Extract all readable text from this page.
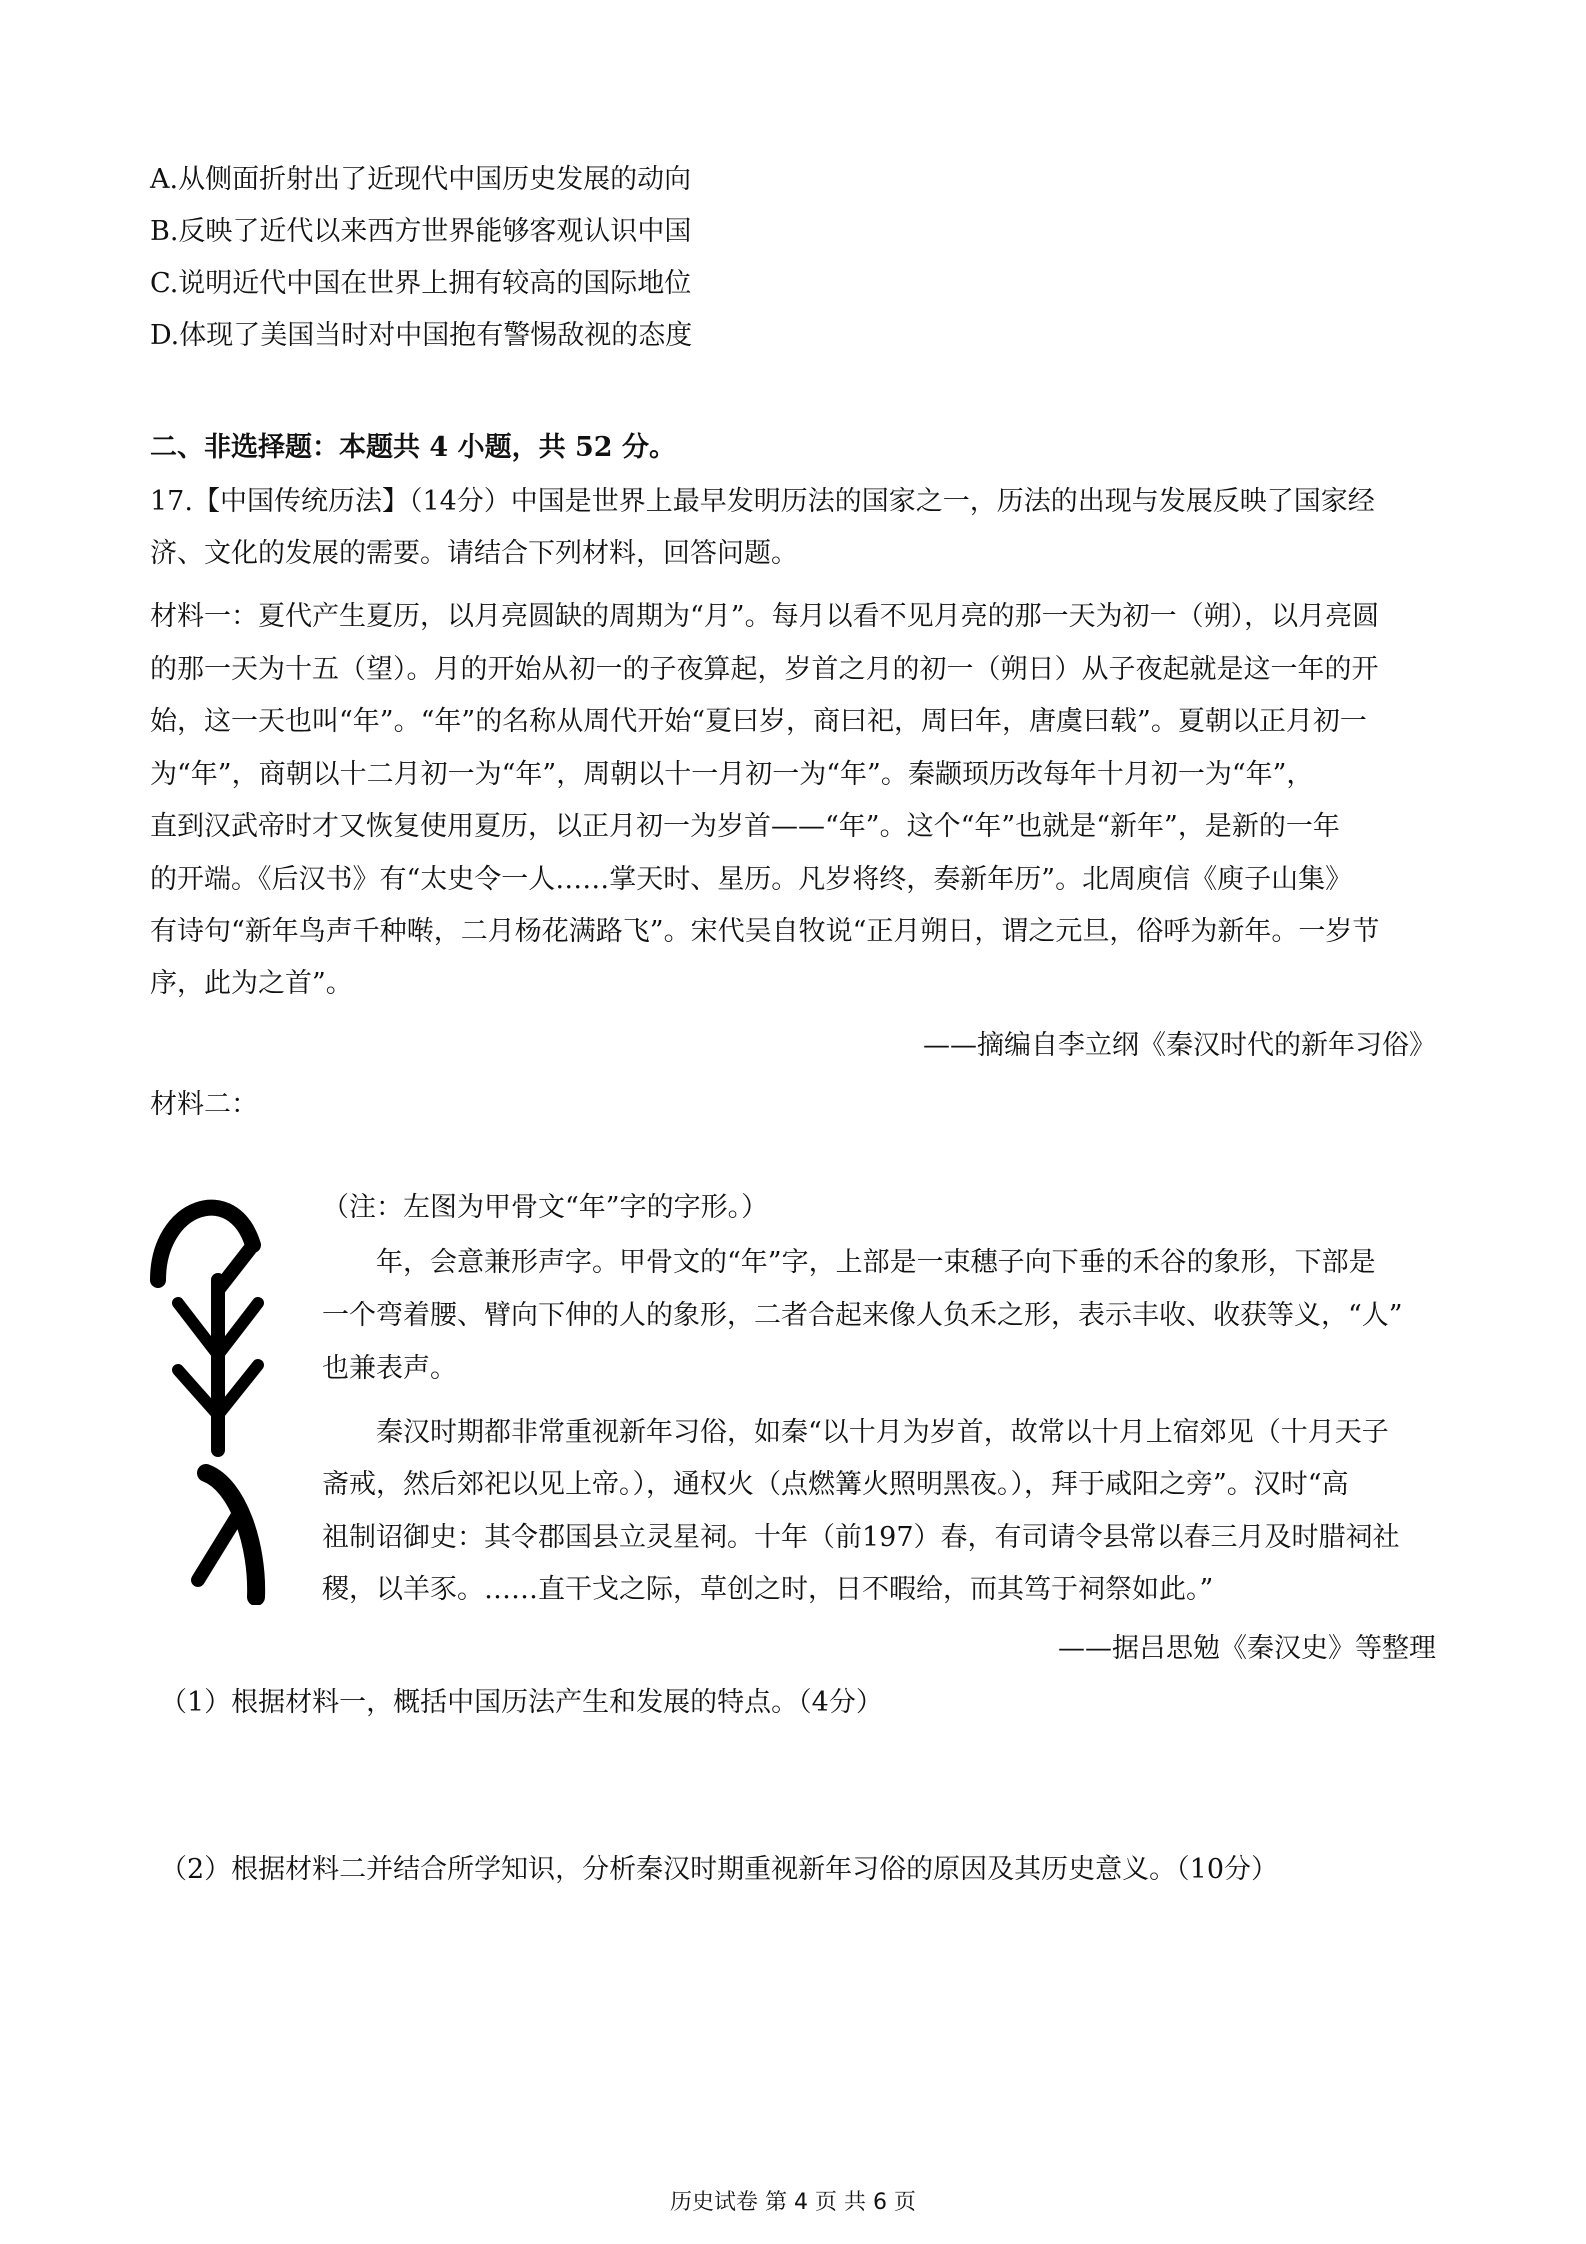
A.从侧面折射出了近现代中国历史发展的动向
B.反映了近代以来西方世界能够客观认识中国
C.说明近代中国在世界上拥有较高的国际地位
D.体现了美国当时对中国抱有警惕敌视的态度
二、非选择题：本题共 4 小题，共 52 分。
17.【中国传统历法】（14分）中国是世界上最早发明历法的国家之一，历法的出现与发展反映了国家经
济、文化的发展的需要。请结合下列材料，回答问题。
材料一：夏代产生夏历，以月亮圆缺的周期为“月”。每月以看不见月亮的那一天为初一（朔），以月亮圆
的那一天为十五（望）。月的开始从初一的子夜算起，岁首之月的初一（朔日）从子夜起就是这一年的开
始，这一天也叫“年”。“年”的名称从周代开始“夏曰岁，商曰祀，周曰年，唐虞曰载”。夏朝以正月初一
为“年”，商朝以十二月初一为“年”，周朝以十一月初一为“年”。秦颛顼历改每年十月初一为“年”，
直到汉武帝时才又恢复使用夏历，以正月初一为岁首——“年”。这个“年”也就是“新年”，是新的一年
的开端。《后汉书》有“太史令一人……掌天时、星历。凡岁将终，奏新年历”。北周庾信《庾子山集》
有诗句“新年鸟声千种啭，二月杨花满路飞”。宋代吴自牧说“正月朔日，谓之元旦，俗呼为新年。一岁节
序，此为之首”。
——摘编自李立纲《秦汉时代的新年习俗》
材料二：
（注：左图为甲骨文“年”字的字形。）
年，会意兼形声字。甲骨文的“年”字，上部是一束穗子向下垂的禾谷的象形，下部是
一个弯着腰、臂向下伸的人的象形，二者合起来像人负禾之形，表示丰收、收获等义，“人”
也兼表声。
秦汉时期都非常重视新年习俗，如秦“以十月为岁首，故常以十月上宿郊见（十月天子
斋戒，然后郊祀以见上帝。），通权火（点燃篝火照明黑夜。），拜于咸阳之旁”。汉时“高
祖制诏御史：其令郡国县立灵星祠。十年（前197）春，有司请令县常以春三月及时腊祠社
稷，以羊豕。……直干戈之际，草创之时，日不暇给，而其笃于祠祭如此。”
——据吕思勉《秦汉史》等整理
（1）根据材料一，概括中国历法产生和发展的特点。（4分）
（2）根据材料二并结合所学知识，分析秦汉时期重视新年习俗的原因及其历史意义。（10分）
历史试卷 第 4 页 共 6 页
